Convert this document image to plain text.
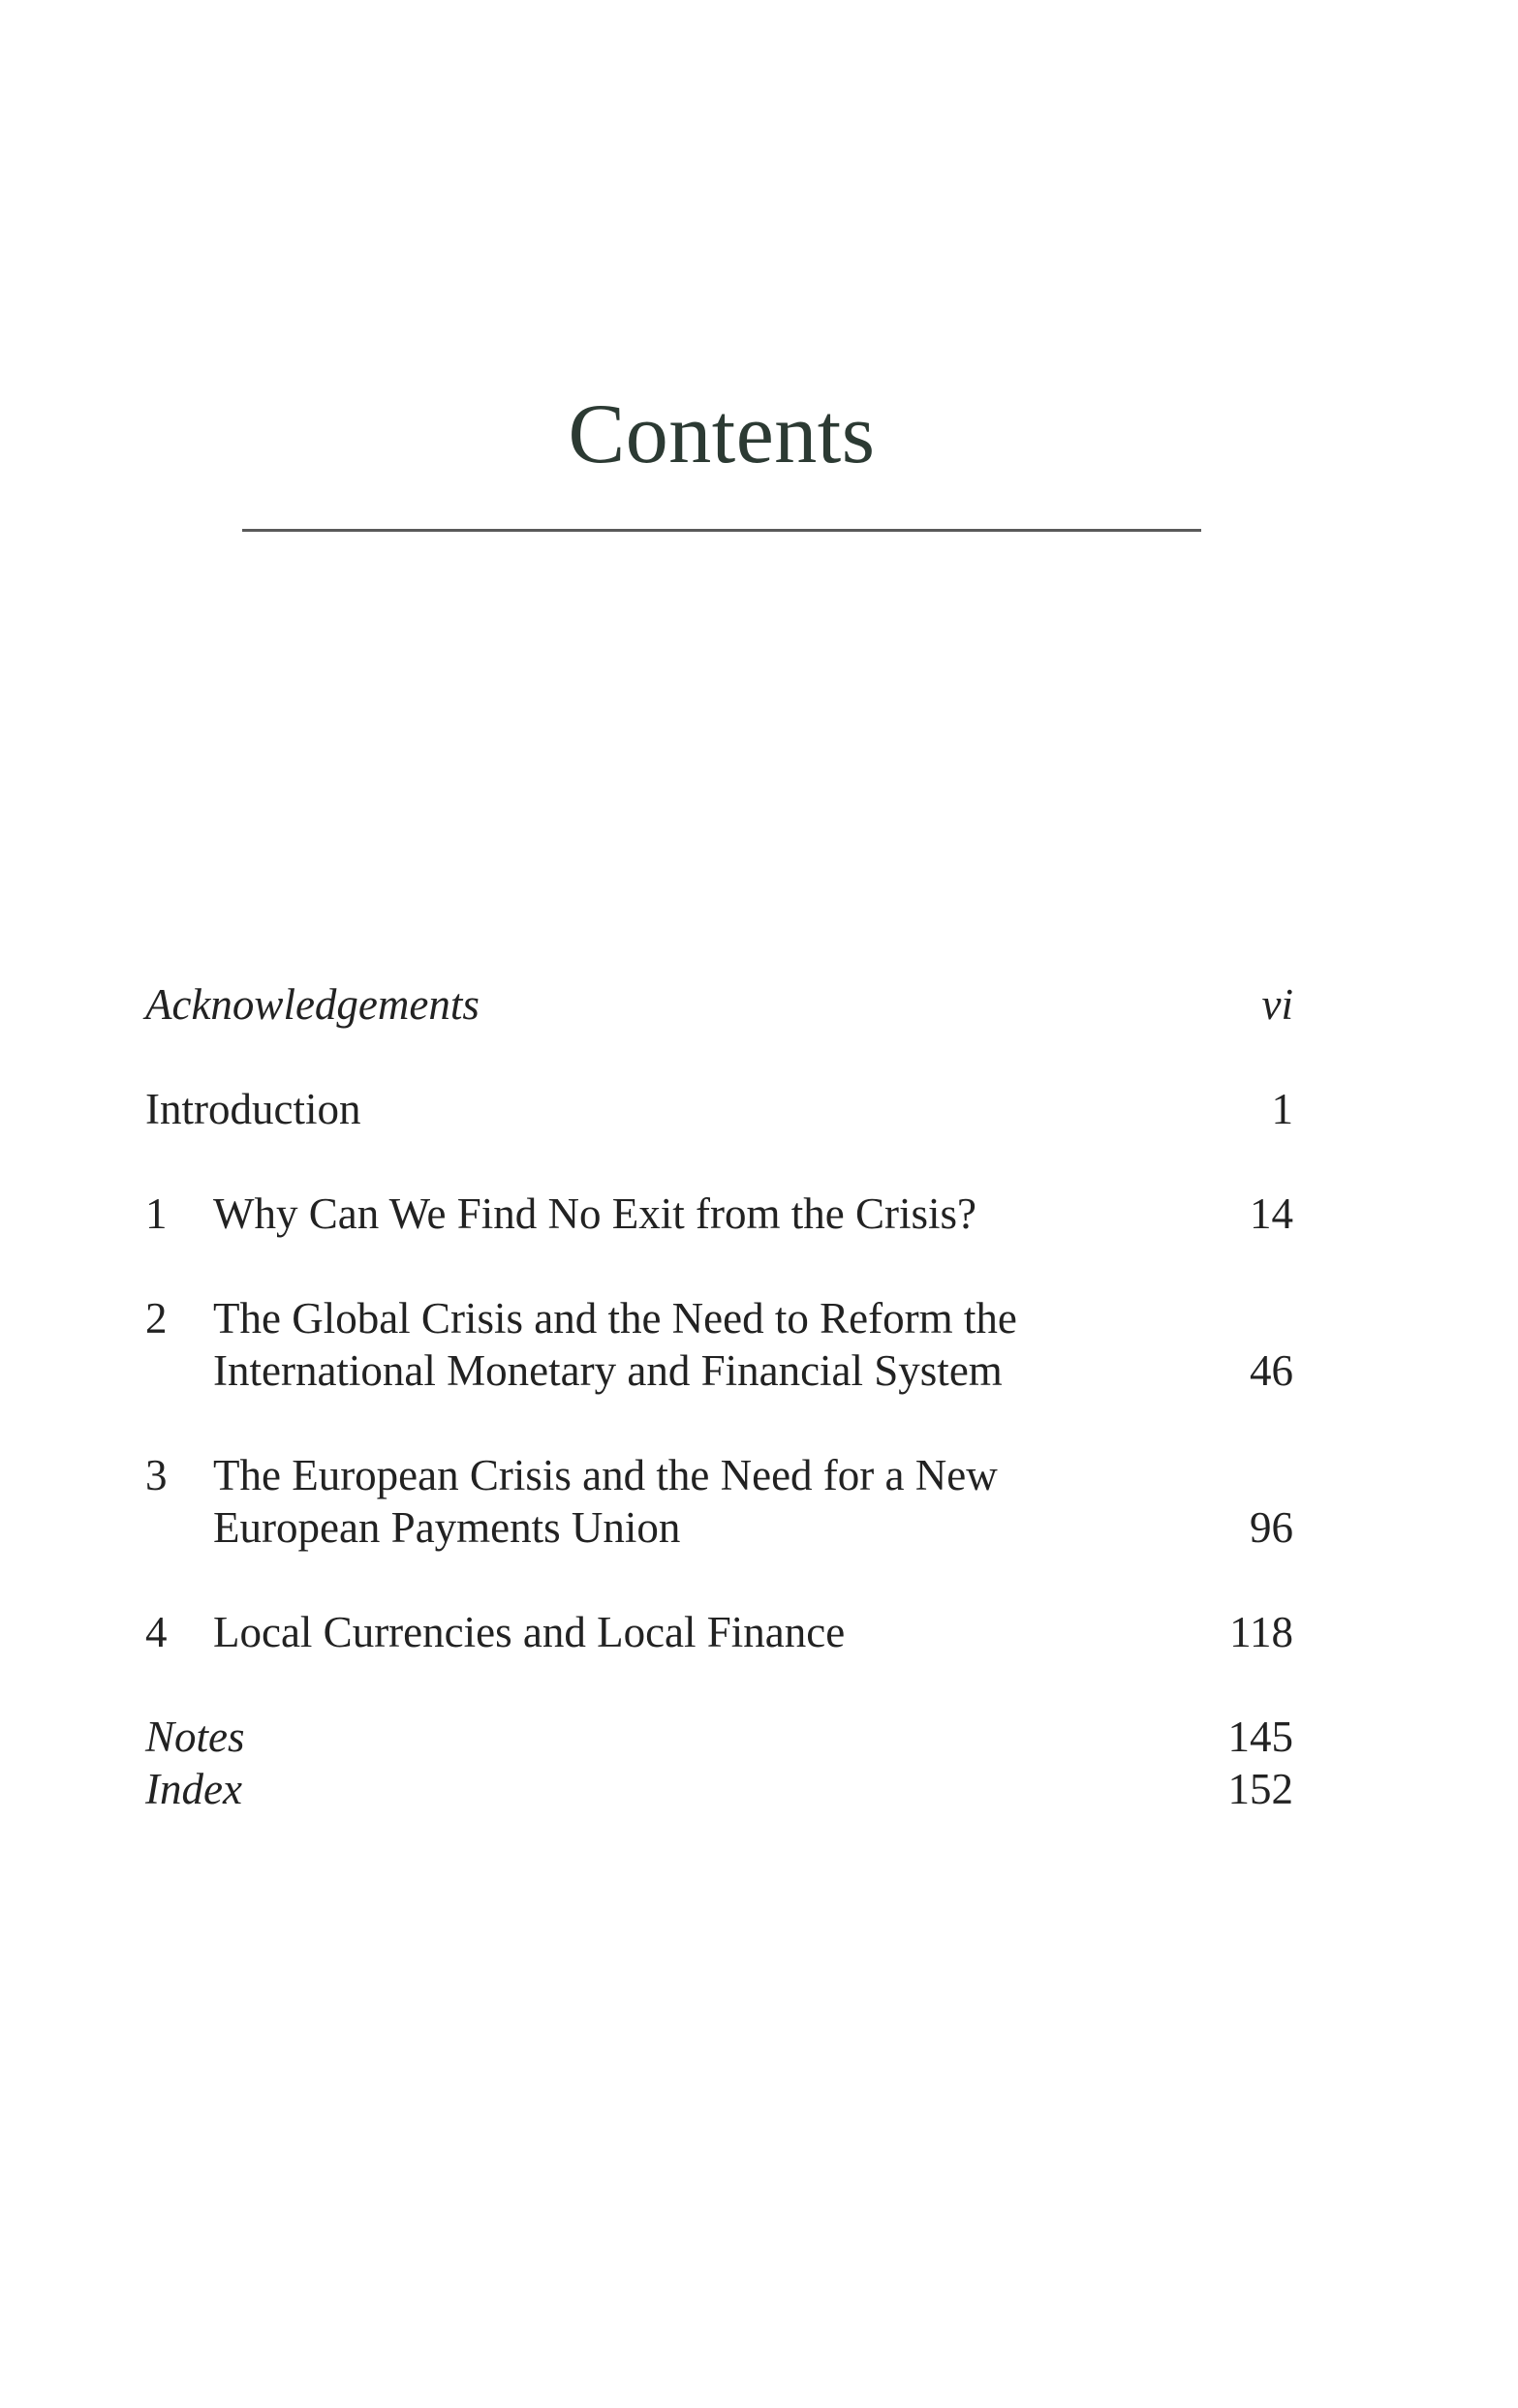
Contents
Acknowledgements	vi
Introduction	1
1	Why Can We Find No Exit from the Crisis?	14
2	The Global Crisis and the Need to Reform the
International Monetary and Financial System	46
3	The European Crisis and the Need for a New
European Payments Union	96
4	Local Currencies and Local Finance	118
Notes	145
Index	152
